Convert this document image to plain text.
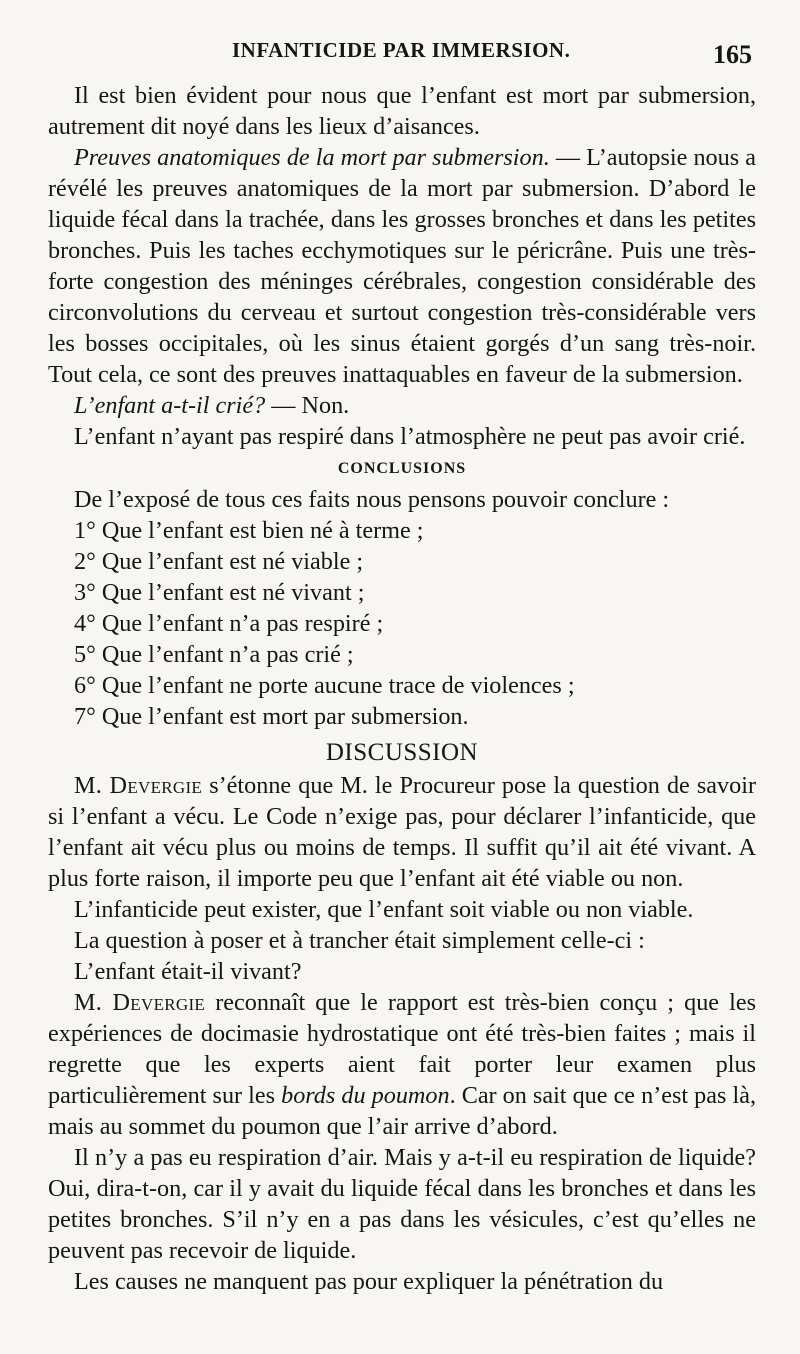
INFANTICIDE PAR IMMERSION.	165

Il est bien évident pour nous que l’enfant est mort par submersion, autrement dit noyé dans les lieux d’aisances.

Preuves anatomiques de la mort par submersion. — L’autopsie nous a révélé les preuves anatomiques de la mort par submersion. D’abord le liquide fécal dans la trachée, dans les grosses bronches et dans les petites bronches. Puis les taches ecchymotiques sur le péricrâne. Puis une très-forte congestion des méninges cérébrales, congestion considérable des circonvolutions du cerveau et surtout congestion très-considérable vers les bosses occipitales, où les sinus étaient gorgés d’un sang très-noir. Tout cela, ce sont des preuves inattaquables en faveur de la submersion.

L’enfant a-t-il crié? — Non.

L’enfant n’ayant pas respiré dans l’atmosphère ne peut pas avoir crié.

CONCLUSIONS

De l’exposé de tous ces faits nous pensons pouvoir conclure :

1° Que l’enfant est bien né à terme ;
2° Que l’enfant est né viable ;
3° Que l’enfant est né vivant ;
4° Que l’enfant n’a pas respiré ;
5° Que l’enfant n’a pas crié ;
6° Que l’enfant ne porte aucune trace de violences ;
7° Que l’enfant est mort par submersion.
DISCUSSION

M. Devergie s’étonne que M. le Procureur pose la question de savoir si l’enfant a vécu. Le Code n’exige pas, pour déclarer l’infanticide, que l’enfant ait vécu plus ou moins de temps. Il suffit qu’il ait été vivant. A plus forte raison, il importe peu que l’enfant ait été viable ou non.

L’infanticide peut exister, que l’enfant soit viable ou non viable.

La question à poser et à trancher était simplement celle-ci :

L’enfant était-il vivant?

M. Devergie reconnaît que le rapport est très-bien conçu ; que les expériences de docimasie hydrostatique ont été très-bien faites ; mais il regrette que les experts aient fait porter leur examen plus particulièrement sur les bords du poumon. Car on sait que ce n’est pas là, mais au sommet du poumon que l’air arrive d’abord.

Il n’y a pas eu respiration d’air. Mais y a-t-il eu respiration de liquide? Oui, dira-t-on, car il y avait du liquide fécal dans les bronches et dans les petites bronches. S’il n’y en a pas dans les vésicules, c’est qu’elles ne peuvent pas recevoir de liquide.

Les causes ne manquent pas pour expliquer la pénétration du
